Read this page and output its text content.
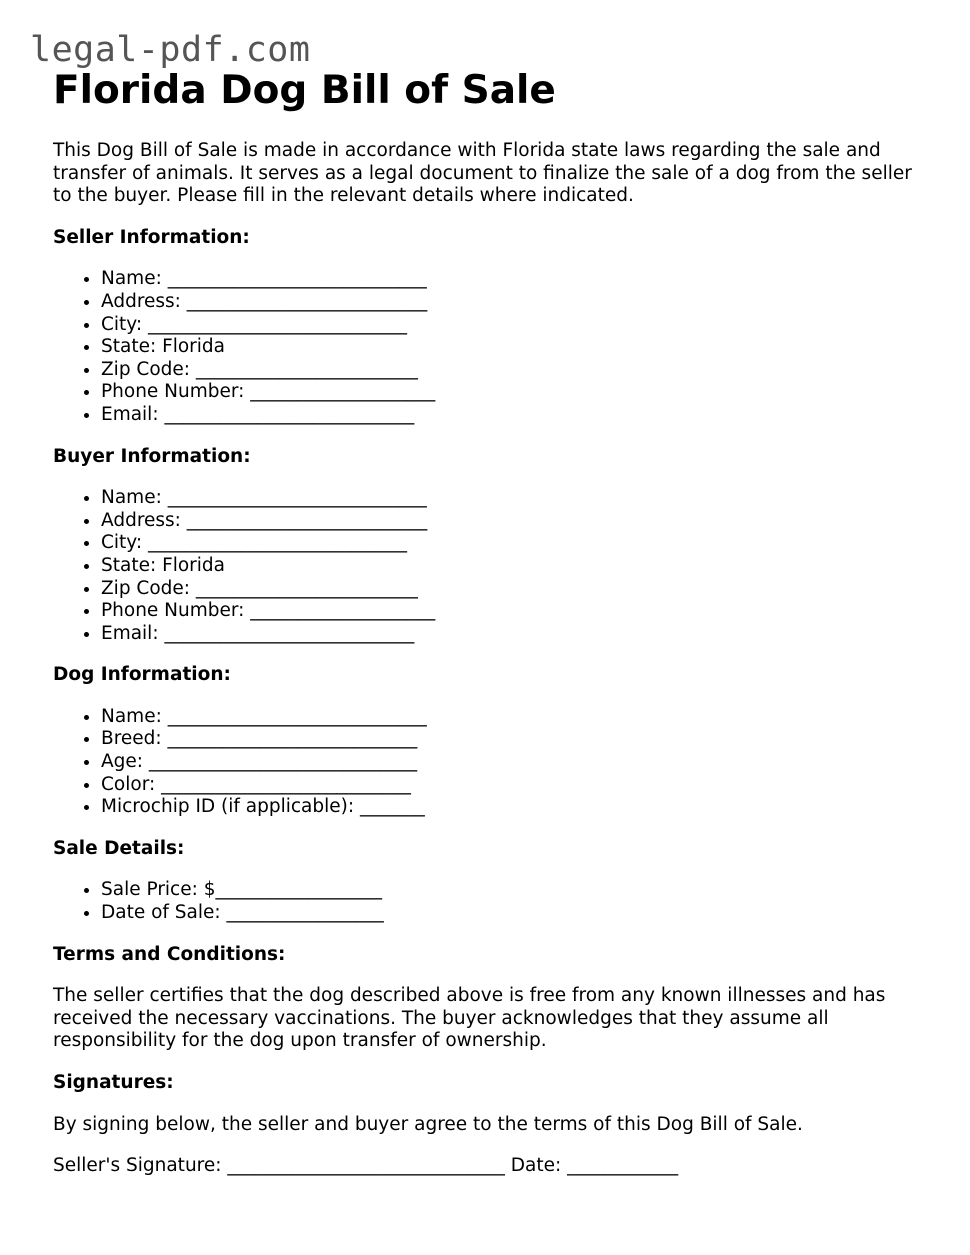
legal-pdf.com
Florida Dog Bill of Sale

This Dog Bill of Sale is made in accordance with Florida state laws regarding the sale and transfer of animals. It serves as a legal document to finalize the sale of a dog from the seller to the buyer. Please fill in the relevant details where indicated.

Seller Information:
• Name: ____________________________
• Address: __________________________
• City: ____________________________
• State: Florida
• Zip Code: ________________________
• Phone Number: ____________________
• Email: ___________________________
Buyer Information:
• Name: ____________________________
• Address: __________________________
• City: ____________________________
• State: Florida
• Zip Code: ________________________
• Phone Number: ____________________
• Email: ___________________________
Dog Information:
• Name: ____________________________
• Breed: ___________________________
• Age: _____________________________
• Color: ___________________________
• Microchip ID (if applicable): _______
Sale Details:
• Sale Price: $__________________
• Date of Sale: _________________
Terms and Conditions:

The seller certifies that the dog described above is free from any known illnesses and has received the necessary vaccinations. The buyer acknowledges that they assume all responsibility for the dog upon transfer of ownership.

Signatures:

By signing below, the seller and buyer agree to the terms of this Dog Bill of Sale.

Seller's Signature: ______________________________ Date: ____________
